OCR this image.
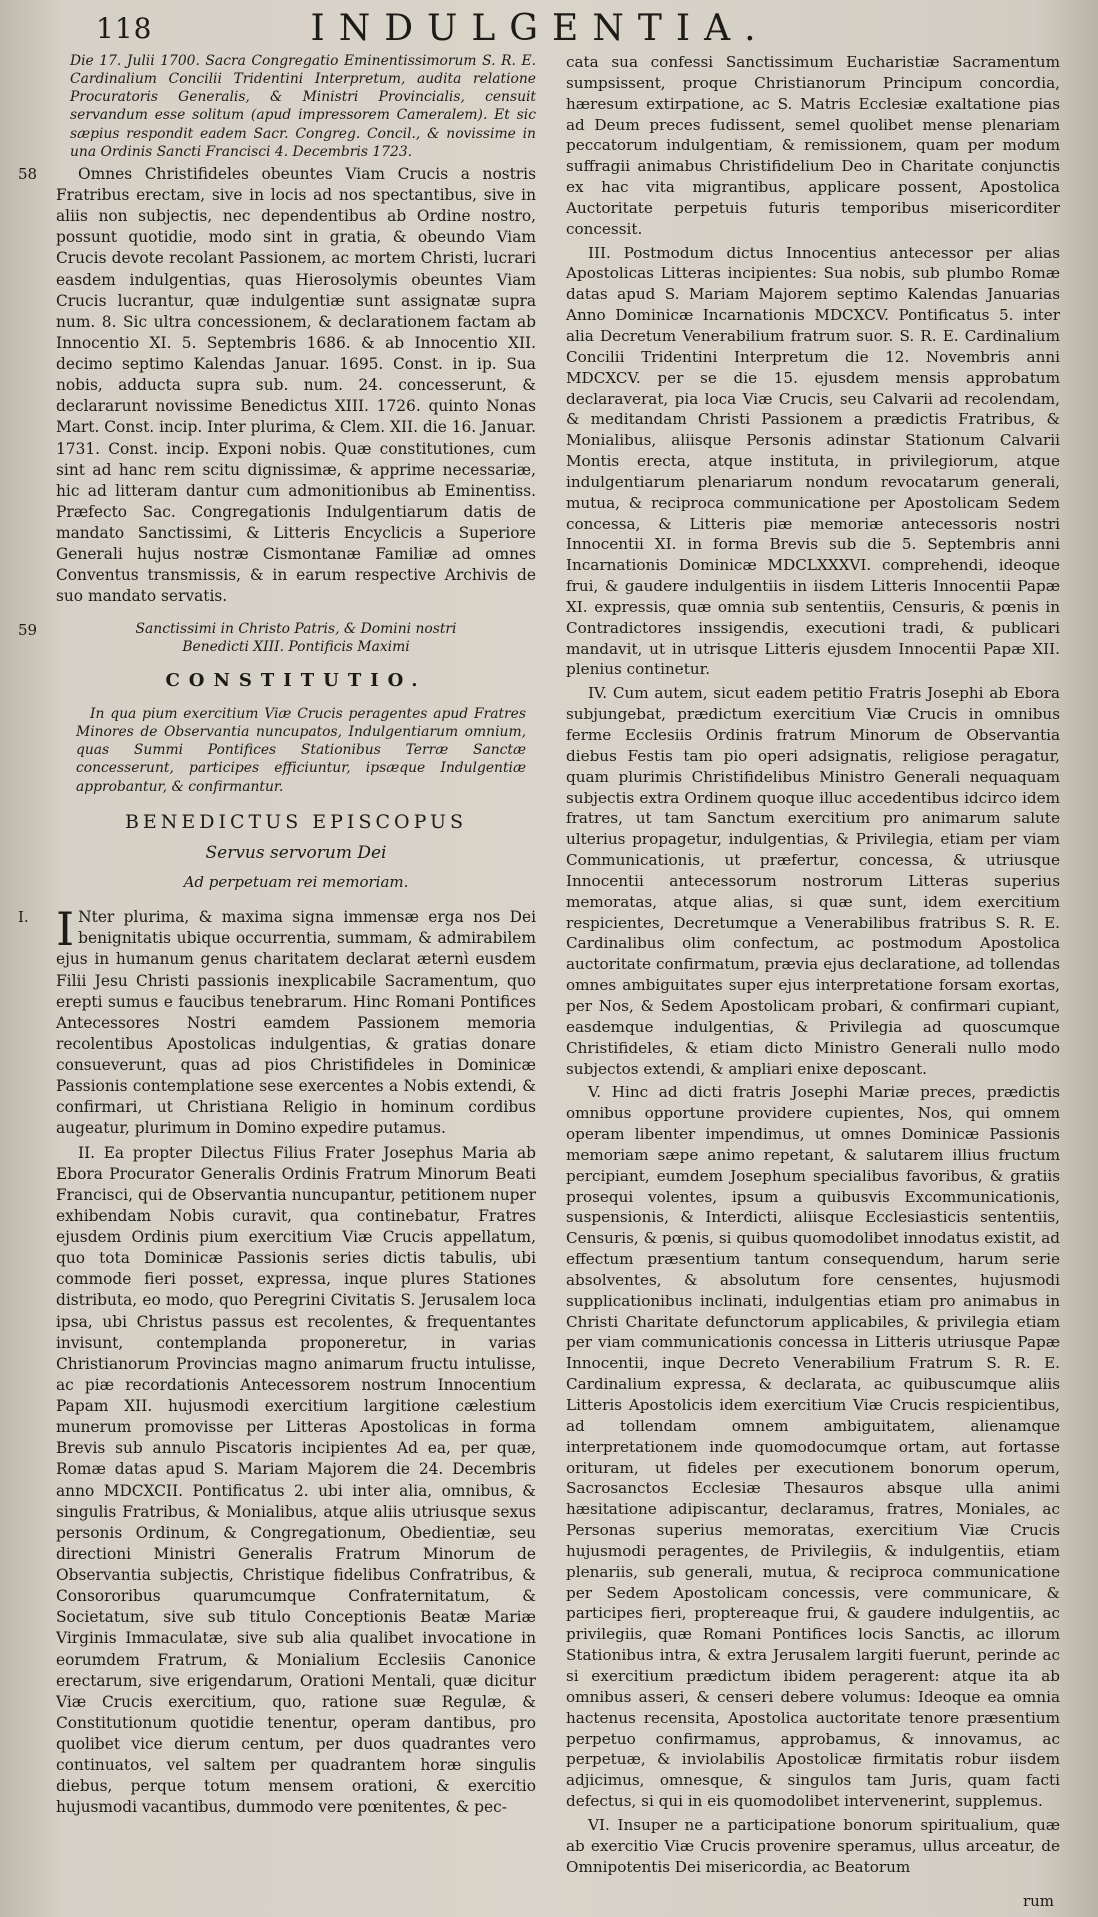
118	INDULGENTIA.

Die 17. Julii 1700. Sacra Congregatio Eminentissimorum S. R. E. Cardinalium Concilii Tridentini Interpretum, audita relatione Procuratoris Generalis, & Ministri Provincialis, censuit servandum esse solitum (apud impressorem Cameralem). Et sic sæpius respondit eadem Sacr. Congreg. Concil., & novissime in una Ordinis Sancti Francisci 4. Decembris 1723.

58	Omnes Christifideles obeuntes Viam Crucis a nostris Fratribus erectam, sive in locis ad nos spectantibus, sive in aliis non subjectis, nec dependentibus ab Ordine nostro, possunt quotidie, modo sint in gratia, & obeundo Viam Crucis devote recolant Passionem, ac mortem Christi, lucrari easdem indulgentias, quas Hierosolymis obeuntes Viam Crucis lucrantur, quæ indulgentiæ sunt assignatæ supra num. 8. Sic ultra concessionem, & declarationem factam ab Innocentio XI. 5. Septembris 1686. & ab Innocentio XII. decimo septimo Kalendas Januar. 1695. Const. in ip. Sua nobis, adducta supra sub. num. 24. concesserunt, & declararunt novissime Benedictus XIII. 1726. quinto Nonas Mart. Const. incip. Inter plurima, & Clem. XII. die 16. Januar. 1731. Const. incip. Exponi nobis. Quæ constitutiones, cum sint ad hanc rem scitu dignissimæ, & apprime necessariæ, hic ad litteram dantur cum admonitionibus ab Eminentiss. Præfecto Sac. Congregationis Indulgentiarum datis de mandato Sanctissimi, & Litteris Encyclicis a Superiore Generali hujus nostræ Cismontanæ Familiæ ad omnes Conventus transmissis, & in earum respective Archivis de suo mandato servatis.

59	Sanctissimi in Christo Patris, & Domini nostri Benedicti XIII. Pontificis Maximi

CONSTITUTIO.

In qua pium exercitium Viæ Crucis peragentes apud Fratres Minores de Observantia nuncupatos, Indulgentiarum omnium, quas Summi Pontifices Stationibus Terræ Sanctæ concesserunt, participes efficiuntur, ipsæque Indulgentiæ approbantur, & confirmantur.

BENEDICTUS EPISCOPUS
Servus servorum Dei
Ad perpetuam rei memoriam.
I. I Nter plurima, & maxima signa immensæ erga nos Dei benignitatis ubique occurrentia, summam, & admirabilem ejus in humanum genus charitatem declarat æternì eusdem Filii Jesu Christi passionis inexplicabile Sacramentum, quo erepti sumus e faucibus tenebrarum. Hinc Romani Pontifices Antecessores Nostri eamdem Passionem memoria recolentibus Apostolicas indulgentias, & gratias donare consueverunt, quas ad pios Christifideles in Dominicæ Passionis contemplatione sese exercentes a Nobis extendi, & confirmari, ut Christiana Religio in hominum cordibus augeatur, plurimum in Domino expedire putamus.

II. Ea propter Dilectus Filius Frater Josephus Maria ab Ebora Procurator Generalis Ordinis Fratrum Minorum Beati Francisci, qui de Observantia nuncupantur, petitionem nuper exhibendam Nobis curavit, qua continebatur, Fratres ejusdem Ordinis pium exercitium Viæ Crucis appellatum, quo tota Dominicæ Passionis series dictis tabulis, ubi commode fieri posset, expressa, inque plures Stationes distributa, eo modo, quo Peregrini Civitatis S. Jerusalem loca ipsa, ubi Christus passus est recolentes, & frequentantes invisunt, contemplanda proponeretur, in varias Christianorum Provincias magno animarum fructu intulisse, ac piæ recordationis Antecessorem nostrum Innocentium Papam XII. hujusmodi exercitium largitione cælestium munerum promovisse per Litteras Apostolicas in forma Brevis sub annulo Piscatoris incipientes Ad ea, per quæ, Romæ datas apud S. Mariam Majorem die 24. Decembris anno MDCXCII. Pontificatus 2. ubi inter alia, omnibus, & singulis Fratribus, & Monialibus, atque aliis utriusque sexus personis Ordinum, & Congregationum, Obedientiæ, seu directioni Ministri Generalis Fratrum Minorum de Observantia subjectis, Christique fidelibus Confratribus, & Consororibus quarumcumque Confraternitatum, & Societatum, sive sub titulo Conceptionis Beatæ Mariæ Virginis Immaculatæ, sive sub alia qualibet invocatione in eorumdem Fratrum, & Monialium Ecclesiis Canonice erectarum, sive erigendarum, Orationi Mentali, quæ dicitur Viæ Crucis exercitium, quo, ratione suæ Regulæ, & Constitutionum quotidie tenentur, operam dantibus, pro quolibet vice dierum centum, per duos quadrantes vero continuatos, vel saltem per quadrantem horæ singulis diebus, perque totum mensem orationi, & exercitio hujusmodi vacantibus, dummodo vere pœnitentes, & pec-

cata sua confessi Sanctissimum Eucharistiæ Sacramentum sumpsissent, proque Christianorum Principum concordia, hæresum extirpatione, ac S. Matris Ecclesiæ exaltatione pias ad Deum preces fudissent, semel quolibet mense plenariam peccatorum indulgentiam, & remissionem, quam per modum suffragii animabus Christifidelium Deo in Charitate conjunctis ex hac vita migrantibus, applicare possent, Apostolica Auctoritate perpetuis futuris temporibus misericorditer concessit.

III. Postmodum dictus Innocentius antecessor per alias Apostolicas Litteras incipientes: Sua nobis, sub plumbo Romæ datas apud S. Mariam Majorem septimo Kalendas Januarias Anno Dominicæ Incarnationis MDCXCV. Pontificatus 5. inter alia Decretum Venerabilium fratrum suor. S. R. E. Cardinalium Concilii Tridentini Interpretum die 12. Novembris anni MDCXCV. per se die 15. ejusdem mensis approbatum declaraverat, pia loca Viæ Crucis, seu Calvarii ad recolendam, & meditandam Christi Passionem a prædictis Fratribus, & Monialibus, aliisque Personis adinstar Stationum Calvarii Montis erecta, atque instituta, in privilegiorum, atque indulgentiarum plenariarum nondum revocatarum generali, mutua, & reciproca communicatione per Apostolicam Sedem concessa, & Litteris piæ memoriæ antecessoris nostri Innocentii XI. in forma Brevis sub die 5. Septembris anni Incarnationis Dominicæ MDCLXXXVI. comprehendi, ideoque frui, & gaudere indulgentiis in iisdem Litteris Innocentii Papæ XI. expressis, quæ omnia sub sententiis, Censuris, & pœnis in Contradictores inssigendis, executioni tradi, & publicari mandavit, ut in utrisque Litteris ejusdem Innocentii Papæ XII. plenius continetur.

IV. Cum autem, sicut eadem petitio Fratris Josephi ab Ebora subjungebat, prædictum exercitium Viæ Crucis in omnibus ferme Ecclesiis Ordinis fratrum Minorum de Observantia diebus Festis tam pio operi adsignatis, religiose peragatur, quam plurimis Christifidelibus Ministro Generali nequaquam subjectis extra Ordinem quoque illuc accedentibus idcirco idem fratres, ut tam Sanctum exercitium pro animarum salute ulterius propagetur, indulgentias, & Privilegia, etiam per viam Communicationis, ut præfertur, concessa, & utriusque Innocentii antecessorum nostrorum Litteras superius memoratas, atque alias, si quæ sunt, idem exercitium respicientes, Decretumque a Venerabilibus fratribus S. R. E. Cardinalibus olim confectum, ac postmodum Apostolica auctoritate confirmatum, prævia ejus declaratione, ad tollendas omnes ambiguitates super ejus interpretatione forsam exortas, per Nos, & Sedem Apostolicam probari, & confirmari cupiant, easdemque indulgentias, & Privilegia ad quoscumque Christifideles, & etiam dicto Ministro Generali nullo modo subjectos extendi, & ampliari enixe deposcant.

V. Hinc ad dicti fratris Josephi Mariæ preces, prædictis omnibus opportune providere cupientes, Nos, qui omnem operam libenter impendimus, ut omnes Dominicæ Passionis memoriam sæpe animo repetant, & salutarem illius fructum percipiant, eumdem Josephum specialibus favoribus, & gratiis prosequi volentes, ipsum a quibusvis Excommunicationis, suspensionis, & Interdicti, aliisque Ecclesiasticis sententiis, Censuris, & pœnis, si quibus quomodolibet innodatus existit, ad effectum præsentium tantum consequendum, harum serie absolventes, & absolutum fore censentes, hujusmodi supplicationibus inclinati, indulgentias etiam pro animabus in Christi Charitate defunctorum applicabiles, & privilegia etiam per viam communicationis concessa in Litteris utriusque Papæ Innocentii, inque Decreto Venerabilium Fratrum S. R. E. Cardinalium expressa, & declarata, ac quibuscumque aliis Litteris Apostolicis idem exercitium Viæ Crucis respicientibus, ad tollendam omnem ambiguitatem, alienamque interpretationem inde quomodocumque ortam, aut fortasse orituram, ut fideles per executionem bonorum operum, Sacrosanctos Ecclesiæ Thesauros absque ulla animi hæsitatione adipiscantur, declaramus, fratres, Moniales, ac Personas superius memoratas, exercitium Viæ Crucis hujusmodi peragentes, de Privilegiis, & indulgentiis, etiam plenariis, sub generali, mutua, & reciproca communicatione per Sedem Apostolicam concessis, vere communicare, & participes fieri, proptereaque frui, & gaudere indulgentiis, ac privilegiis, quæ Romani Pontifices locis Sanctis, ac illorum Stationibus intra, & extra Jerusalem largiti fuerunt, perinde ac si exercitium prædictum ibidem peragerent: atque ita ab omnibus asseri, & censeri debere volumus: Ideoque ea omnia hactenus recensita, Apostolica auctoritate tenore præsentium perpetuo confirmamus, approbamus, & innovamus, ac perpetuæ, & inviolabilis Apostolicæ firmitatis robur iisdem adjicimus, omnesque, & singulos tam Juris, quam facti defectus, si qui in eis quomodolibet intervenerint, supplemus.

VI. Insuper ne a participatione bonorum spiritualium, quæ ab exercitio Viæ Crucis provenire speramus, ullus arceatur, de Omnipotentis Dei misericordia, ac Beatorum

rum
